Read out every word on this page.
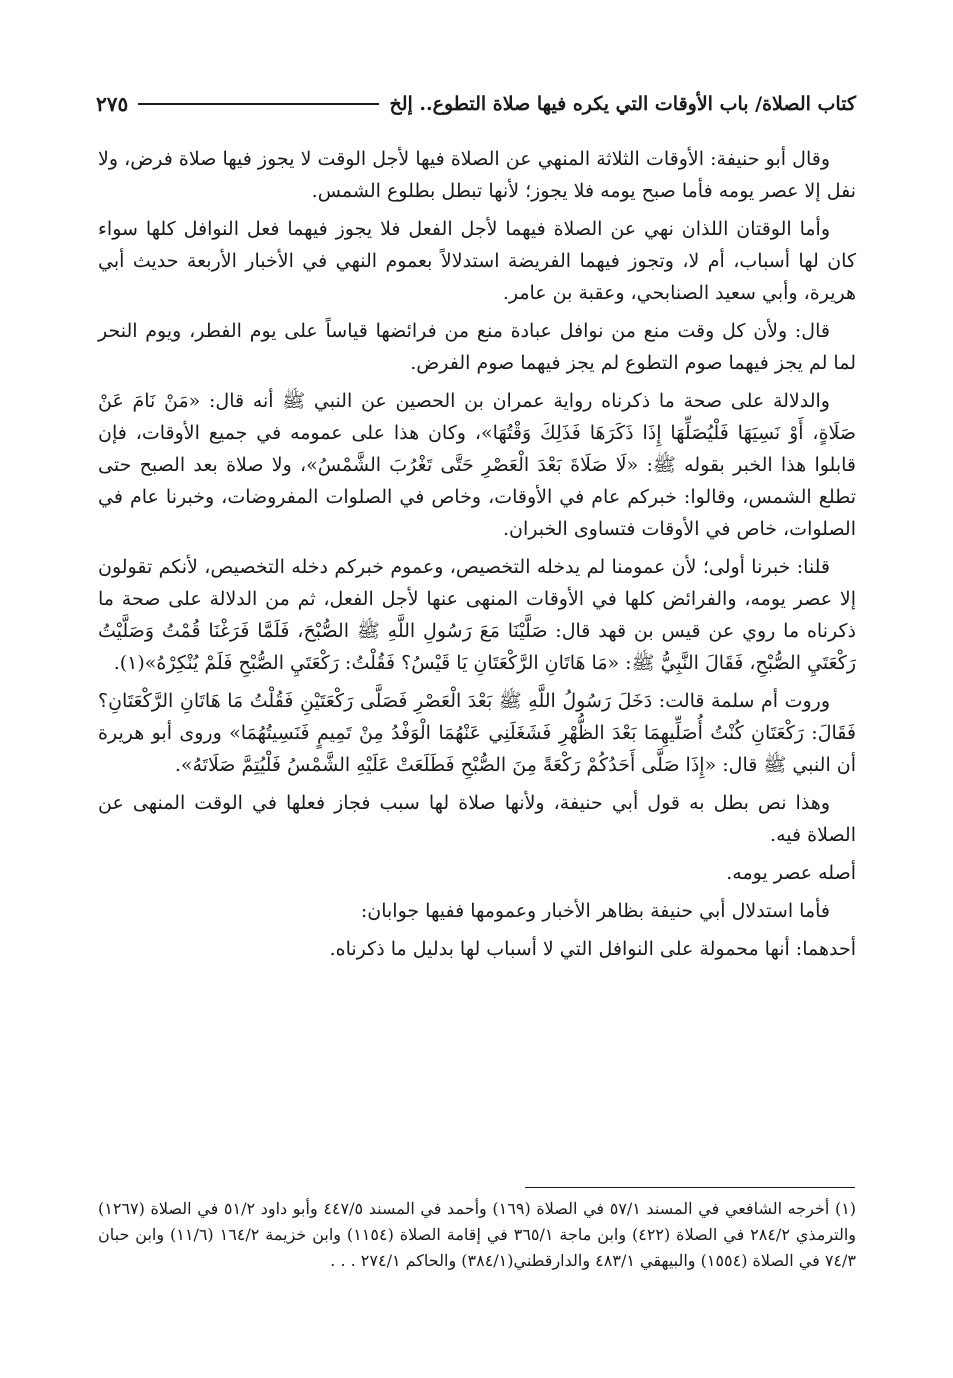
كتاب الصلاة/ باب الأوقات التي يكره فيها صلاة التطوع.. إلخ
٢٧٥

وقال أبو حنيفة: الأوقات الثلاثة المنهي عن الصلاة فيها لأجل الوقت لا يجوز فيها صلاة فرض، ولا نفل إلا عصر يومه فأما صبح يومه فلا يجوز؛ لأنها تبطل بطلوع الشمس.

وأما الوقتان اللذان نهي عن الصلاة فيهما لأجل الفعل فلا يجوز فيهما فعل النوافل كلها سواء كان لها أسباب، أم لا، وتجوز فيهما الفريضة استدلالاً بعموم النهي في الأخبار الأربعة حديث أبي هريرة، وأبي سعيد الصنابحي، وعقبة بن عامر.

قال: ولأن كل وقت منع من نوافل عبادة منع من فرائضها قياساً على يوم الفطر، ويوم النحر لما لم يجز فيهما صوم التطوع لم يجز فيهما صوم الفرض.

والدلالة على صحة ما ذكرناه رواية عمران بن الحصين عن النبي ﷺ أنه قال: «مَنْ نَامَ عَنْ صَلَاةٍ، أَوْ نَسِيَهَا فَلْيُصَلِّهَا إِذَا ذَكَرَهَا فَذَلِكَ وَقْتُهَا»، وكان هذا على عمومه في جميع الأوقات، فإن قابلوا هذا الخبر بقوله ﷺ: «لَا صَلَاةَ بَعْدَ الْعَصْرِ حَتَّى تَغْرُبَ الشَّمْسُ»، ولا صلاة بعد الصبح حتى تطلع الشمس، وقالوا: خبركم عام في الأوقات، وخاص في الصلوات المفروضات، وخبرنا عام في الصلوات، خاص في الأوقات فتساوى الخبران.

قلنا: خبرنا أولى؛ لأن عمومنا لم يدخله التخصيص، وعموم خبركم دخله التخصيص، لأنكم تقولون إلا عصر يومه، والفرائض كلها في الأوقات المنهى عنها لأجل الفعل، ثم من الدلالة على صحة ما ذكرناه ما روي عن قيس بن قهد قال: صَلَّيْنَا مَعَ رَسُولِ اللَّهِ ﷺ الصُّبْحَ، فَلَمَّا فَرَغْنَا قُمْتُ وَصَلَّيْتُ رَكْعَتَيِ الصُّبْحِ، فَقَالَ النَّبِيُّ ﷺ: «مَا هَاتَانِ الرَّكْعَتَانِ يَا قَيْسُ؟ فَقُلْتُ: رَكْعَتَيِ الصُّبْحِ فَلَمْ يُنْكِرْهُ»(١).

وروت أم سلمة قالت: دَخَلَ رَسُولُ اللَّهِ ﷺ بَعْدَ الْعَصْرِ فَصَلَّى رَكْعَتَيْنِ فَقُلْتُ مَا هَاتَانِ الرَّكْعَتَانِ؟ فَقَالَ: رَكْعَتَانِ كُنْتُ أُصَلِّيهِمَا بَعْدَ الظُّهْرِ فَشَغَلَنِي عَنْهُمَا الْوَفْدُ مِنْ تَمِيمٍ فَنَسِيتُهُمَا» وروى أبو هريرة أن النبي ﷺ قال: «إِذَا صَلَّى أَحَدُكُمْ رَكْعَةً مِنَ الصُّبْحِ فَطَلَعَتْ عَلَيْهِ الشَّمْسُ فَلْيُتِمَّ صَلَاتَهُ».

وهذا نص بطل به قول أبي حنيفة، ولأنها صلاة لها سبب فجاز فعلها في الوقت المنهى عن الصلاة فيه.

أصله عصر يومه.

فأما استدلال أبي حنيفة بظاهر الأخبار وعمومها ففيها جوابان:

أحدهما: أنها محمولة على النوافل التي لا أسباب لها بدليل ما ذكرناه.

(١) أخرجه الشافعي في المسند ٥٧/١ في الصلاة (١٦٩) وأحمد في المسند ٤٤٧/٥ وأبو داود ٥١/٢ في الصلاة (١٢٦٧) والترمذي ٢٨٤/٢ في الصلاة (٤٢٢) وابن ماجة ٣٦٥/١ في إقامة الصلاة (١١٥٤) وابن خزيمة ١٦٤/٢ (١١/٦) وابن حبان ٧٤/٣ في الصلاة (١٥٥٤) والبيهقي ٤٨٣/١ والدارقطني(٣٨٤/١) والحاكم ٢٧٤/١ . . .
